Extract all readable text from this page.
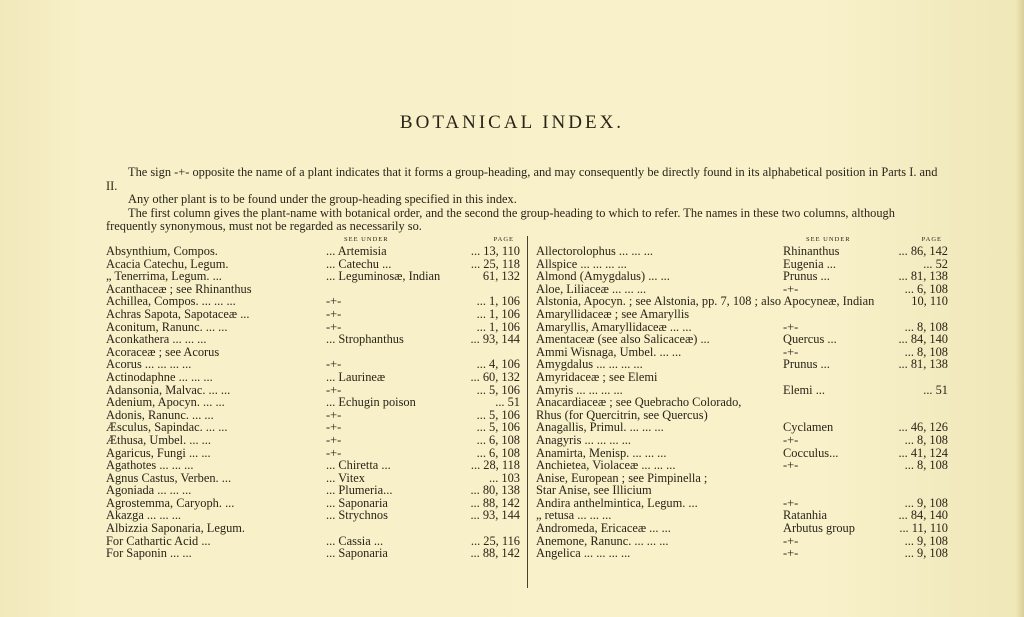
BOTANICAL INDEX.

The sign -+- opposite the name of a plant indicates that it forms a group-heading, and may consequently be directly found in its alphabetical position in Parts I. and II.

Any other plant is to be found under the group-heading specified in this index.

The first column gives the plant-name with botanical order, and the second the group-heading to which to refer. The names in these two columns, although frequently synonymous, must not be regarded as necessarily so.

SEE UNDER	PAGE
Absynthium, Compos.	... Artemisia	... 13, 110
Acacia Catechu, Legum.	... Catechu ...	... 25, 118
„ Tenerrima, Legum. ...	... Leguminosæ, Indian	61, 132
Acanthaceæ ; see Rhinanthus
Achillea, Compos. ... ... ...	-+-	... 1, 106
Achras Sapota, Sapotaceæ ...	-+-	... 1, 106
Aconitum, Ranunc. ... ...	-+-	... 1, 106
Aconkathera ... ... ...	... Strophanthus	... 93, 144
Acoraceæ ; see Acorus
Acorus ... ... ... ...	-+-	... 4, 106
Actinodaphne ... ... ...	... Laurineæ	... 60, 132
Adansonia, Malvac. ... ...	-+-	... 5, 106
Adenium, Apocyn. ... ...	... Echugin poison	... 51
Adonis, Ranunc. ... ...	-+-	... 5, 106
Æsculus, Sapindac. ... ...	-+-	... 5, 106
Æthusa, Umbel. ... ...	-+-	... 6, 108
Agaricus, Fungi ... ...	-+-	... 6, 108
Agathotes ... ... ...	... Chiretta ...	... 28, 118
Agnus Castus, Verben. ...	... Vitex	... 103
Agoniada ... ... ...	... Plumeria...	... 80, 138
Agrostemma, Caryoph. ...	... Saponaria	... 88, 142
Akazga ... ... ...	... Strychnos	... 93, 144
Albizzia Saponaria, Legum.
For Cathartic Acid ...	... Cassia ...	... 25, 116
For Saponin ... ...	... Saponaria	... 88, 142
SEE UNDER	PAGE
Allectorolophus ... ... ...	Rhinanthus	... 86, 142
Allspice ... ... ... ...	Eugenia ...	... 52
Almond (Amygdalus) ... ...	Prunus ...	... 81, 138
Aloe, Liliaceæ ... ... ...	-+-	... 6, 108
Alstonia, Apocyn. ; see Alstonia, pp. 7, 108 ; also Apocyneæ, Indian	10, 110
Amaryllidaceæ ; see Amaryllis
Amaryllis, Amaryllidaceæ ... ...	-+-	... 8, 108
Amentaceæ (see also Salicaceæ) ...	Quercus ...	... 84, 140
Ammi Wisnaga, Umbel. ... ...	-+-	... 8, 108
Amygdalus ... ... ... ...	Prunus ...	... 81, 138
Amyridaceæ ; see Elemi
Amyris ... ... ... ...	Elemi ...	... 51
Anacardiaceæ ; see Quebracho Colorado,
Rhus (for Quercitrin, see Quercus)
Anagallis, Primul. ... ... ...	Cyclamen	... 46, 126
Anagyris ... ... ... ...	-+-	... 8, 108
Anamirta, Menisp. ... ... ...	Cocculus...	... 41, 124
Anchietea, Violaceæ ... ... ...	-+-	... 8, 108
Anise, European ; see Pimpinella ;
Star Anise, see Illicium
Andira anthelmintica, Legum. ...	-+-	... 9, 108
„ retusa ... ... ...	Ratanhia	... 84, 140
Andromeda, Ericaceæ ... ...	Arbutus group	... 11, 110
Anemone, Ranunc. ... ... ...	-+-	... 9, 108
Angelica ... ... ... ...	-+-	... 9, 108
